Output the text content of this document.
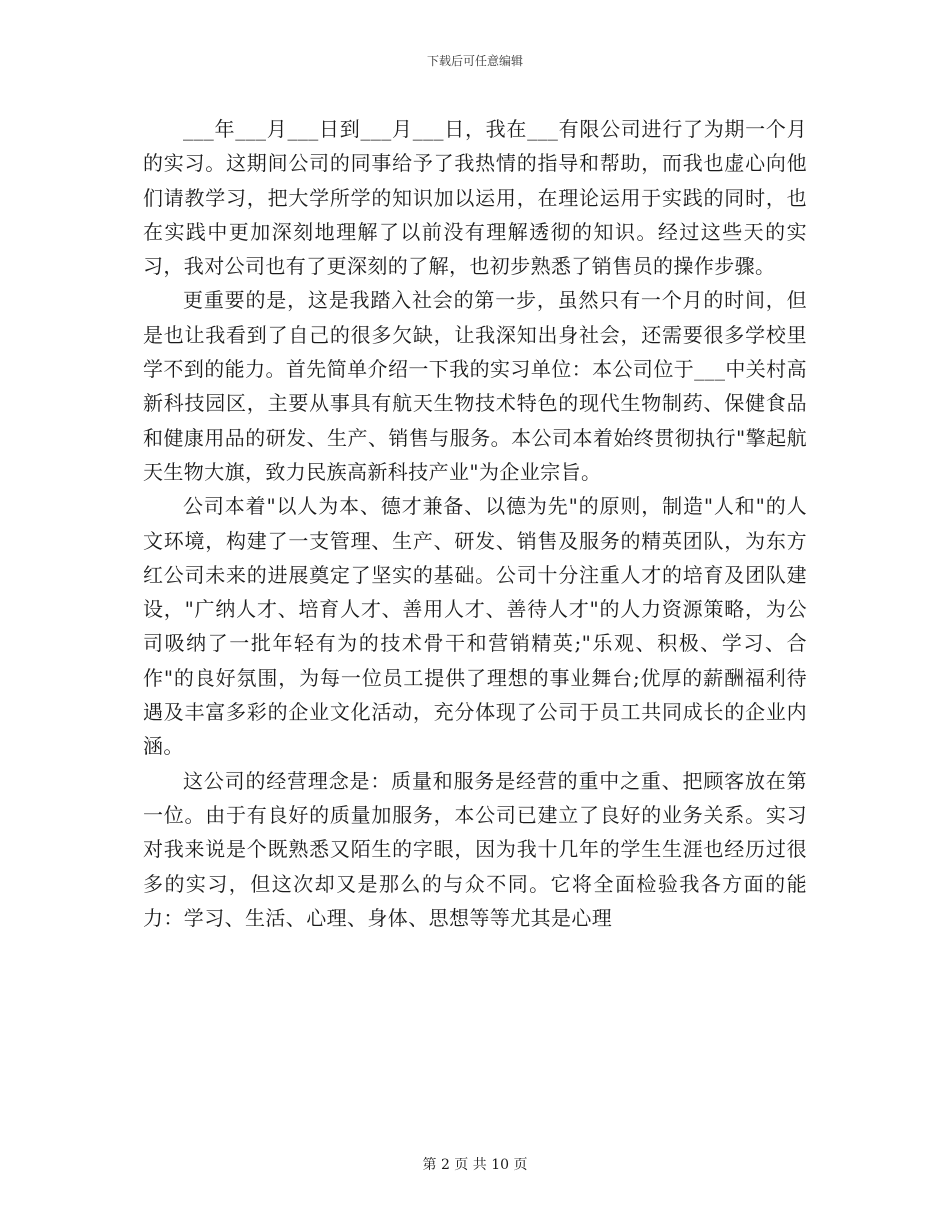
下载后可任意编辑

___年___月___日到___月___日，我在___有限公司进行了为期一个月的实习。这期间公司的同事给予了我热情的指导和帮助，而我也虚心向他们请教学习，把大学所学的知识加以运用，在理论运用于实践的同时，也在实践中更加深刻地理解了以前没有理解透彻的知识。经过这些天的实习，我对公司也有了更深刻的了解，也初步熟悉了销售员的操作步骤。

更重要的是，这是我踏入社会的第一步，虽然只有一个月的时间，但是也让我看到了自己的很多欠缺，让我深知出身社会，还需要很多学校里学不到的能力。首先简单介绍一下我的实习单位：本公司位于___中关村高新科技园区，主要从事具有航天生物技术特色的现代生物制药、保健食品和健康用品的研发、生产、销售与服务。本公司本着始终贯彻执行"擎起航天生物大旗，致力民族高新科技产业"为企业宗旨。

公司本着"以人为本、德才兼备、以德为先"的原则，制造"人和"的人文环境，构建了一支管理、生产、研发、销售及服务的精英团队，为东方红公司未来的进展奠定了坚实的基础。公司十分注重人才的培育及团队建设，"广纳人才、培育人才、善用人才、善待人才"的人力资源策略，为公司吸纳了一批年轻有为的技术骨干和营销精英;"乐观、积极、学习、合作"的良好氛围，为每一位员工提供了理想的事业舞台;优厚的薪酬福利待遇及丰富多彩的企业文化活动，充分体现了公司于员工共同成长的企业内涵。

这公司的经营理念是：质量和服务是经营的重中之重、把顾客放在第一位。由于有良好的质量加服务，本公司已建立了良好的业务关系。实习对我来说是个既熟悉又陌生的字眼，因为我十几年的学生生涯也经历过很多的实习，但这次却又是那么的与众不同。它将全面检验我各方面的能力：学习、生活、心理、身体、思想等等尤其是心理

第 2 页 共 10 页
